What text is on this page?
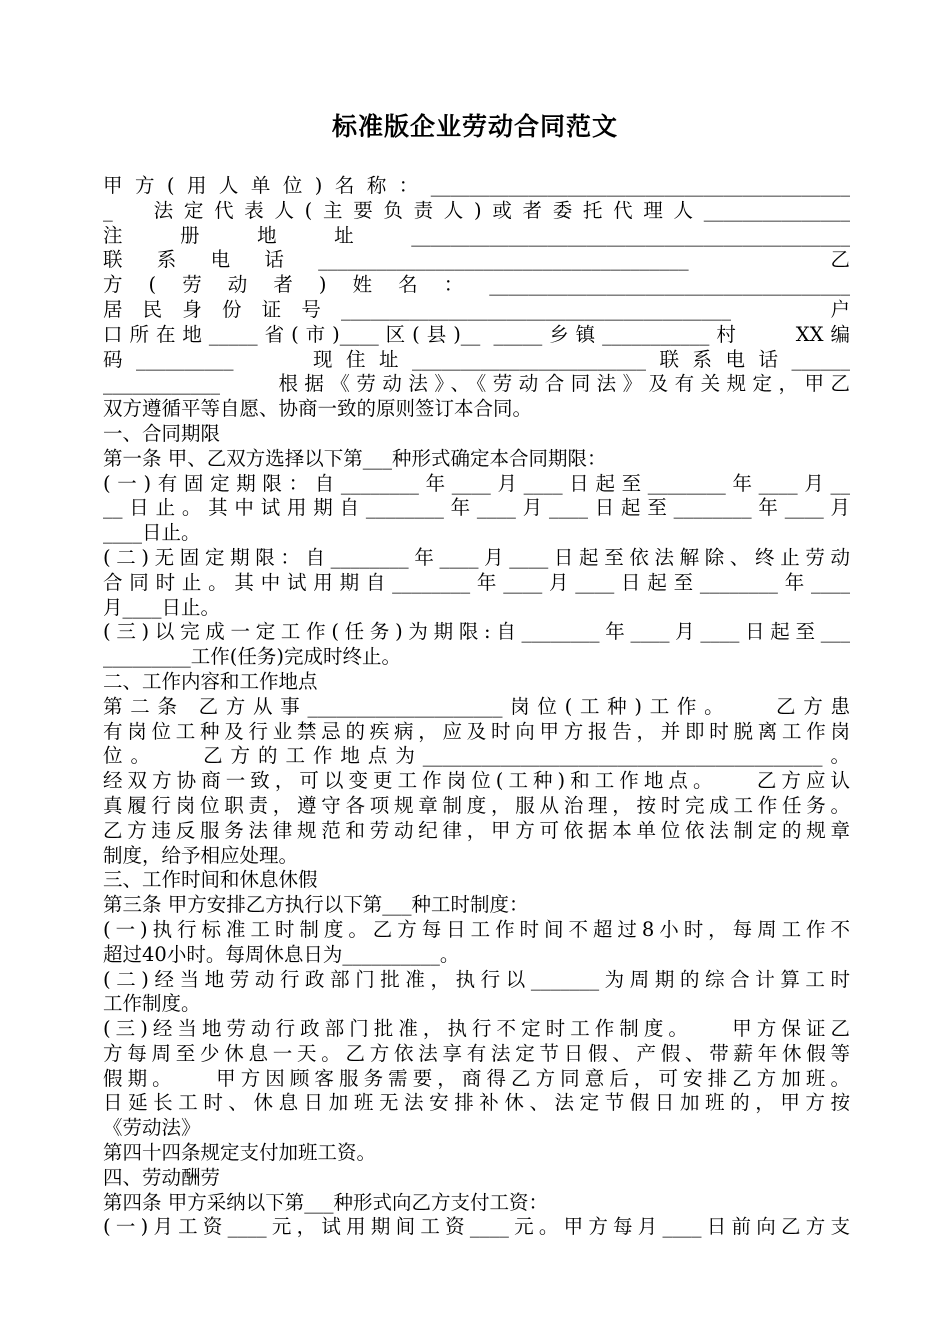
标准版企业劳动合同范文
甲方(用人单位)名称：___________________________________________
_　法定代表人(主要负责人)或者委托代理人_______________
注册地址_____________________________________________
联系电话______________________________________　　乙
方(劳动者)姓名：_____________________________________
居民身份证号________________________________________　　户
口所在地_____省(市)____区(县)__ _____乡镇___________村　　XX编
码__________　　现住址________________________联系电话______
____________　　根据《劳动法》、《劳动合同法》及有关规定，甲乙
双方遵循平等自愿、协商一致的原则签订本合同。
一、合同期限
第一条 甲、乙双方选择以下第___种形式确定本合同期限：
(一)有固定期限：自________年____月____日起至________年____月__
__日止。其中试用期自________年____月____日起至________年____月
____日止。
(二)无固定期限：自________年____月____日起至依法解除、终止劳动
合同时止。其中试用期自________年____月____日起至________年____
月____日止。
(三)以完成一定工作(任务)为期限:自________年____月____日起至___
_________工作(任务)完成时终止。
二、工作内容和工作地点
第二条 乙方从事____________________岗位(工种)工作。　　乙方患
有岗位工种及行业禁忌的疾病，应及时向甲方报告，并即时脱离工作岗
位。　　乙方的工作地点为_________________________________________。
经双方协商一致，可以变更工作岗位(工种)和工作地点。　　乙方应认
真履行岗位职责，遵守各项规章制度，服从治理，按时完成工作任务。
乙方违反服务法律规范和劳动纪律，甲方可依据本单位依法制定的规章
制度，给予相应处理。
三、工作时间和休息休假
第三条 甲方安排乙方执行以下第___种工时制度：
(一)执行标准工时制度。乙方每日工作时间不超过8小时，每周工作不
超过40小时。每周休息日为__________。
(二)经当地劳动行政部门批准，执行以_______为周期的综合计算工时
工作制度。
(三)经当地劳动行政部门批准，执行不定时工作制度。　　甲方保证乙
方每周至少休息一天。乙方依法享有法定节日假、产假、带薪年休假等
假期。　　甲方因顾客服务需要，商得乙方同意后，可安排乙方加班。
日延长工时、休息日加班无法安排补休、法定节假日加班的，甲方按
《劳动法》
第四十四条规定支付加班工资。
四、劳动酬劳
第四条 甲方采纳以下第___种形式向乙方支付工资：
(一)月工资____元，试用期间工资____元。甲方每月____日前向乙方支
